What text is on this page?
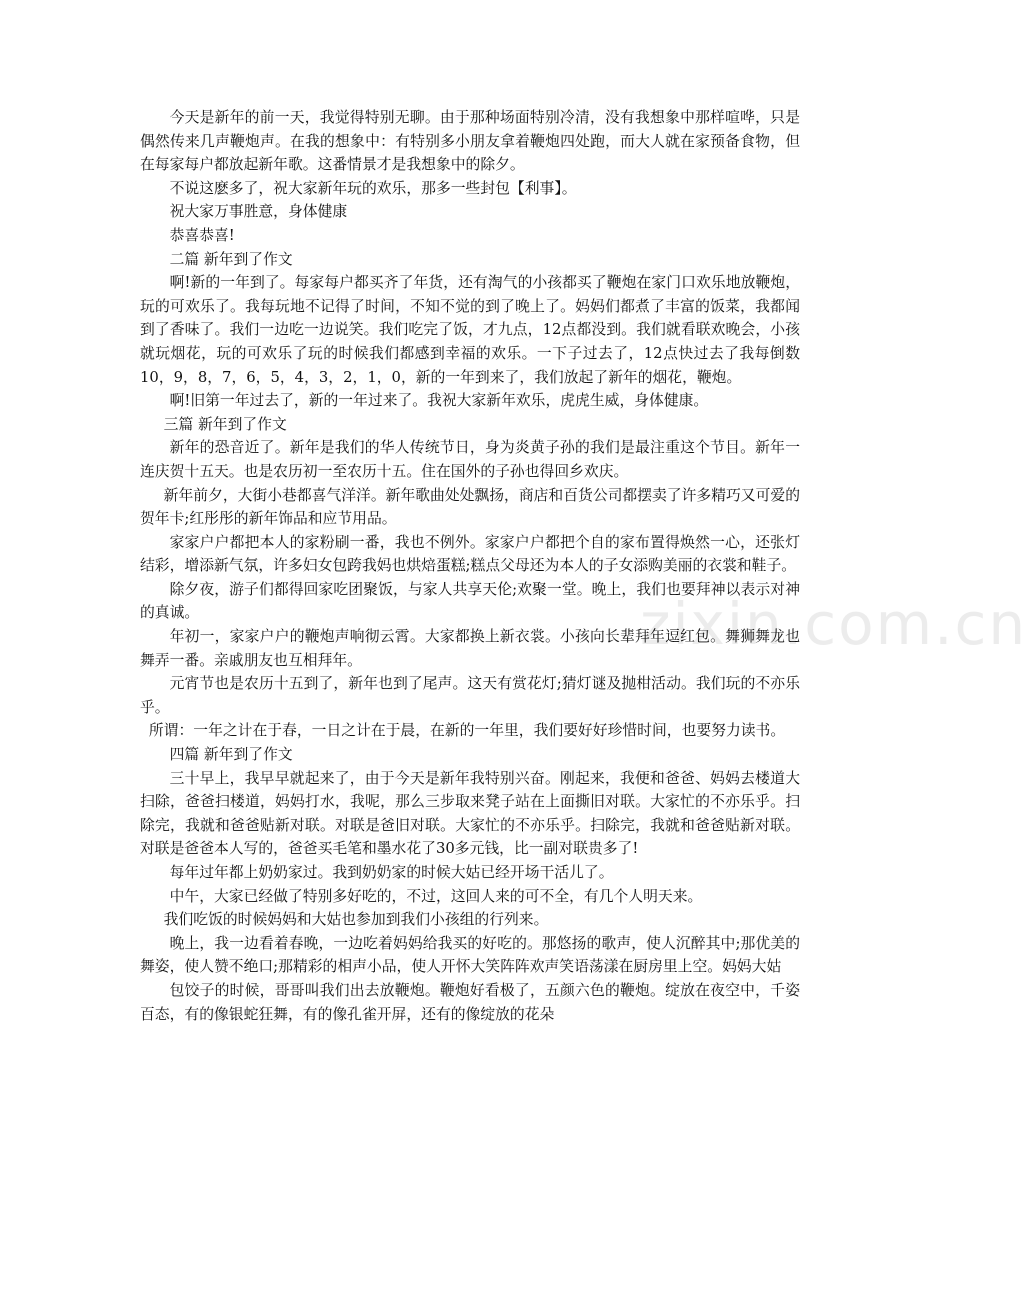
zixin.com.cn

今天是新年的前一天，我觉得特别无聊。由于那种场面特别冷清，没有我想象中那样喧哗，只是偶然传来几声鞭炮声。在我的想象中：有特别多小朋友拿着鞭炮四处跑，而大人就在家预备食物，但在每家每户都放起新年歌。这番情景才是我想象中的除夕。

不说这麽多了，祝大家新年玩的欢乐，那多一些封包【利事】。

祝大家万事胜意，身体健康

恭喜恭喜!

二篇 新年到了作文

啊!新的一年到了。每家每户都买齐了年货，还有淘气的小孩都买了鞭炮在家门口欢乐地放鞭炮，玩的可欢乐了。我每玩地不记得了时间，不知不觉的到了晚上了。妈妈们都煮了丰富的饭菜，我都闻到了香味了。我们一边吃一边说笑。我们吃完了饭，才九点，12点都没到。我们就看联欢晚会，小孩就玩烟花，玩的可欢乐了玩的时候我们都感到幸福的欢乐。一下子过去了，12点快过去了我每倒数10，9，8，7，6，5，4，3，2，1，0，新的一年到来了，我们放起了新年的烟花，鞭炮。

啊!旧第一年过去了，新的一年过来了。我祝大家新年欢乐，虎虎生威，身体健康。

三篇 新年到了作文

新年的恐音近了。新年是我们的华人传统节日，身为炎黄子孙的我们是最注重这个节目。新年一连庆贺十五天。也是农历初一至农历十五。住在国外的子孙也得回乡欢庆。

新年前夕，大街小巷都喜气洋洋。新年歌曲处处飘扬，商店和百货公司都摆卖了许多精巧又可爱的贺年卡;红彤彤的新年饰品和应节用品。

家家户户都把本人的家粉刷一番，我也不例外。家家户户都把个自的家布置得焕然一心，还张灯结彩，增添新气氛，许多妇女包跨我妈也烘焙蛋糕;糕点父母还为本人的子女添购美丽的衣裳和鞋子。

除夕夜，游子们都得回家吃团聚饭，与家人共享天伦;欢聚一堂。晚上，我们也要拜神以表示对神的真诚。

年初一，家家户户的鞭炮声响彻云霄。大家都换上新衣裳。小孩向长辈拜年逗红包。舞狮舞龙也舞弄一番。亲戚朋友也互相拜年。

元宵节也是农历十五到了，新年也到了尾声。这天有赏花灯;猜灯谜及抛柑活动。我们玩的不亦乐乎。

所谓：一年之计在于春，一日之计在于晨，在新的一年里，我们要好好珍惜时间，也要努力读书。

四篇 新年到了作文

三十早上，我早早就起来了，由于今天是新年我特别兴奋。刚起来，我便和爸爸、妈妈去楼道大扫除，爸爸扫楼道，妈妈打水，我呢，那么三步取来凳子站在上面撕旧对联。大家忙的不亦乐乎。扫除完，我就和爸爸贴新对联。对联是爸旧对联。大家忙的不亦乐乎。扫除完，我就和爸爸贴新对联。对联是爸爸本人写的，爸爸买毛笔和墨水花了30多元钱，比一副对联贵多了!

每年过年都上奶奶家过。我到奶奶家的时候大姑已经开场干活儿了。

中午，大家已经做了特别多好吃的，不过，这回人来的可不全，有几个人明天来。

我们吃饭的时候妈妈和大姑也参加到我们小孩组的行列来。

晚上，我一边看着春晚，一边吃着妈妈给我买的好吃的。那悠扬的歌声，使人沉醉其中;那优美的舞姿，使人赞不绝口;那精彩的相声小品，使人开怀大笑阵阵欢声笑语荡漾在厨房里上空。妈妈大姑

包饺子的时候，哥哥叫我们出去放鞭炮。鞭炮好看极了，五颜六色的鞭炮。绽放在夜空中，千姿百态，有的像银蛇狂舞，有的像孔雀开屏，还有的像绽放的花朵
